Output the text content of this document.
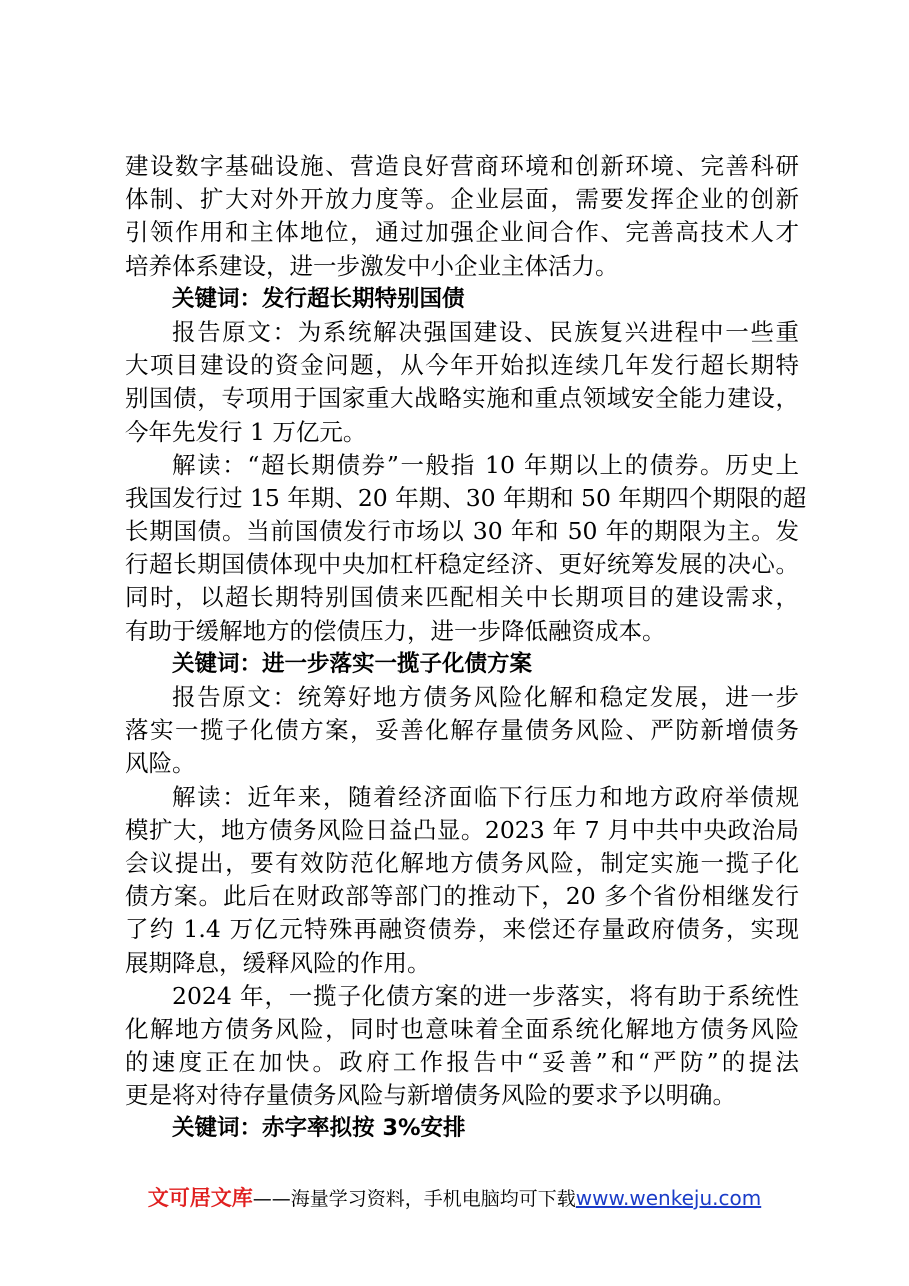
建设数字基础设施、营造良好营商环境和创新环境、完善科研
体制、扩大对外开放力度等。企业层面，需要发挥企业的创新
引领作用和主体地位，通过加强企业间合作、完善高技术人才
培养体系建设，进一步激发中小企业主体活力。
关键词：发行超长期特别国债
报告原文：为系统解决强国建设、民族复兴进程中一些重
大项目建设的资金问题，从今年开始拟连续几年发行超长期特
别国债，专项用于国家重大战略实施和重点领域安全能力建设，
今年先发行 1 万亿元。
解读：“超长期债券”一般指 10 年期以上的债券。历史上
我国发行过 15 年期、20 年期、30 年期和 50 年期四个期限的超
长期国债。当前国债发行市场以 30 年和 50 年的期限为主。发
行超长期国债体现中央加杠杆稳定经济、更好统筹发展的决心。
同时，以超长期特别国债来匹配相关中长期项目的建设需求，
有助于缓解地方的偿债压力，进一步降低融资成本。
关键词：进一步落实一揽子化债方案
报告原文：统筹好地方债务风险化解和稳定发展，进一步
落实一揽子化债方案，妥善化解存量债务风险、严防新增债务
风险。
解读：近年来，随着经济面临下行压力和地方政府举债规
模扩大，地方债务风险日益凸显。2023 年 7 月中共中央政治局
会议提出，要有效防范化解地方债务风险，制定实施一揽子化
债方案。此后在财政部等部门的推动下，20 多个省份相继发行
了约 1.4 万亿元特殊再融资债券，来偿还存量政府债务，实现
展期降息，缓释风险的作用。
2024 年，一揽子化债方案的进一步落实，将有助于系统性
化解地方债务风险，同时也意味着全面系统化解地方债务风险
的速度正在加快。政府工作报告中“妥善”和“严防”的提法
更是将对待存量债务风险与新增债务风险的要求予以明确。
关键词：赤字率拟按 3%安排
文可居文库——海量学习资料，手机电脑均可下载www.wenkeju.com
